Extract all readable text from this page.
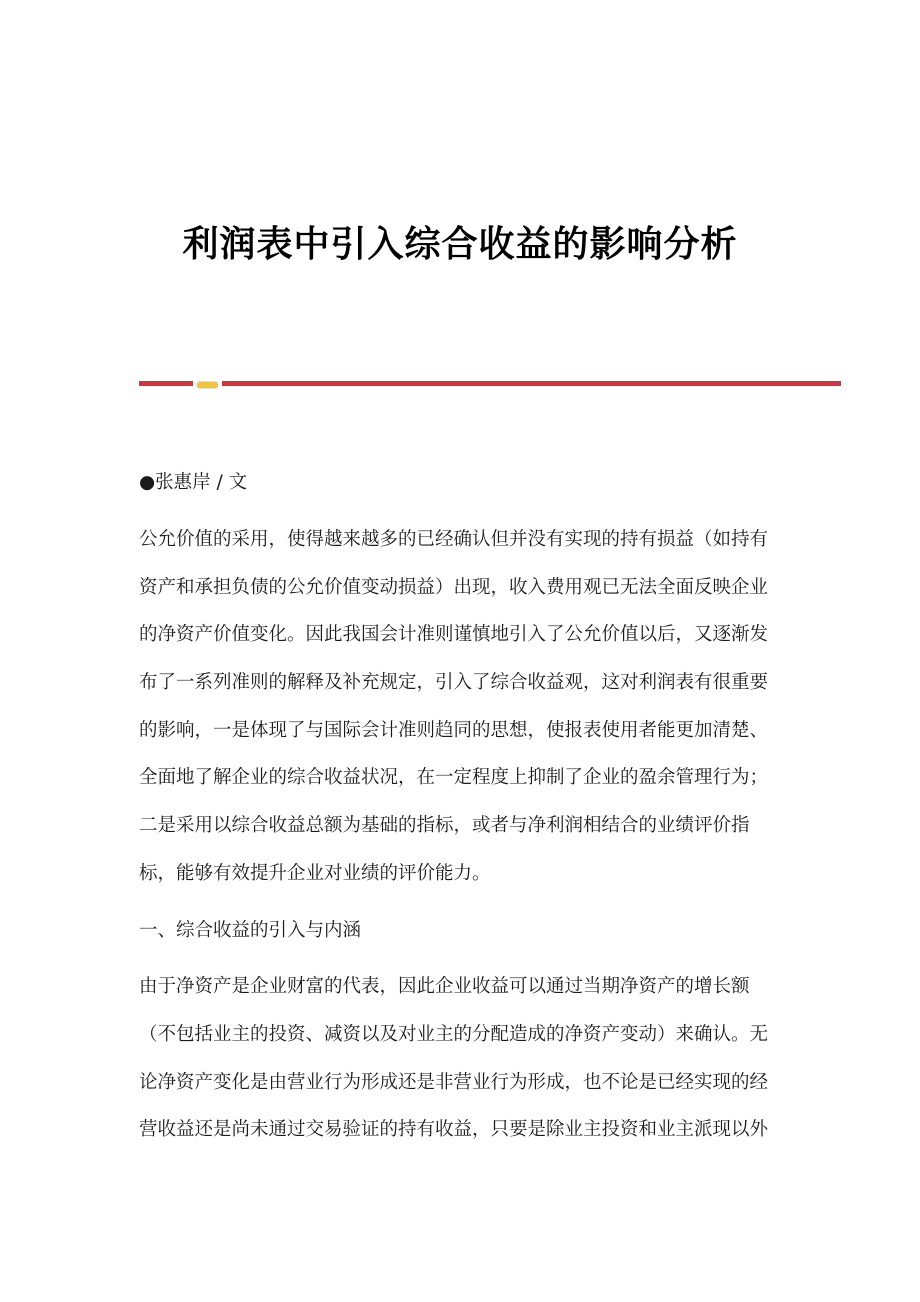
利润表中引入综合收益的影响分析
●张惠岸 / 文
公允价值的采用，使得越来越多的已经确认但并没有实现的持有损益（如持有
资产和承担负债的公允价值变动损益）出现，收入费用观已无法全面反映企业
的净资产价值变化。因此我国会计准则谨慎地引入了公允价值以后，又逐渐发
布了一系列准则的解释及补充规定，引入了综合收益观，这对利润表有很重要
的影响，一是体现了与国际会计准则趋同的思想，使报表使用者能更加清楚、
全面地了解企业的综合收益状况，在一定程度上抑制了企业的盈余管理行为；
二是采用以综合收益总额为基础的指标，或者与净利润相结合的业绩评价指
标，能够有效提升企业对业绩的评价能力。
一、综合收益的引入与内涵
由于净资产是企业财富的代表，因此企业收益可以通过当期净资产的增长额
（不包括业主的投资、减资以及对业主的分配造成的净资产变动）来确认。无
论净资产变化是由营业行为形成还是非营业行为形成，也不论是已经实现的经
营收益还是尚未通过交易验证的持有收益，只要是除业主投资和业主派现以外
